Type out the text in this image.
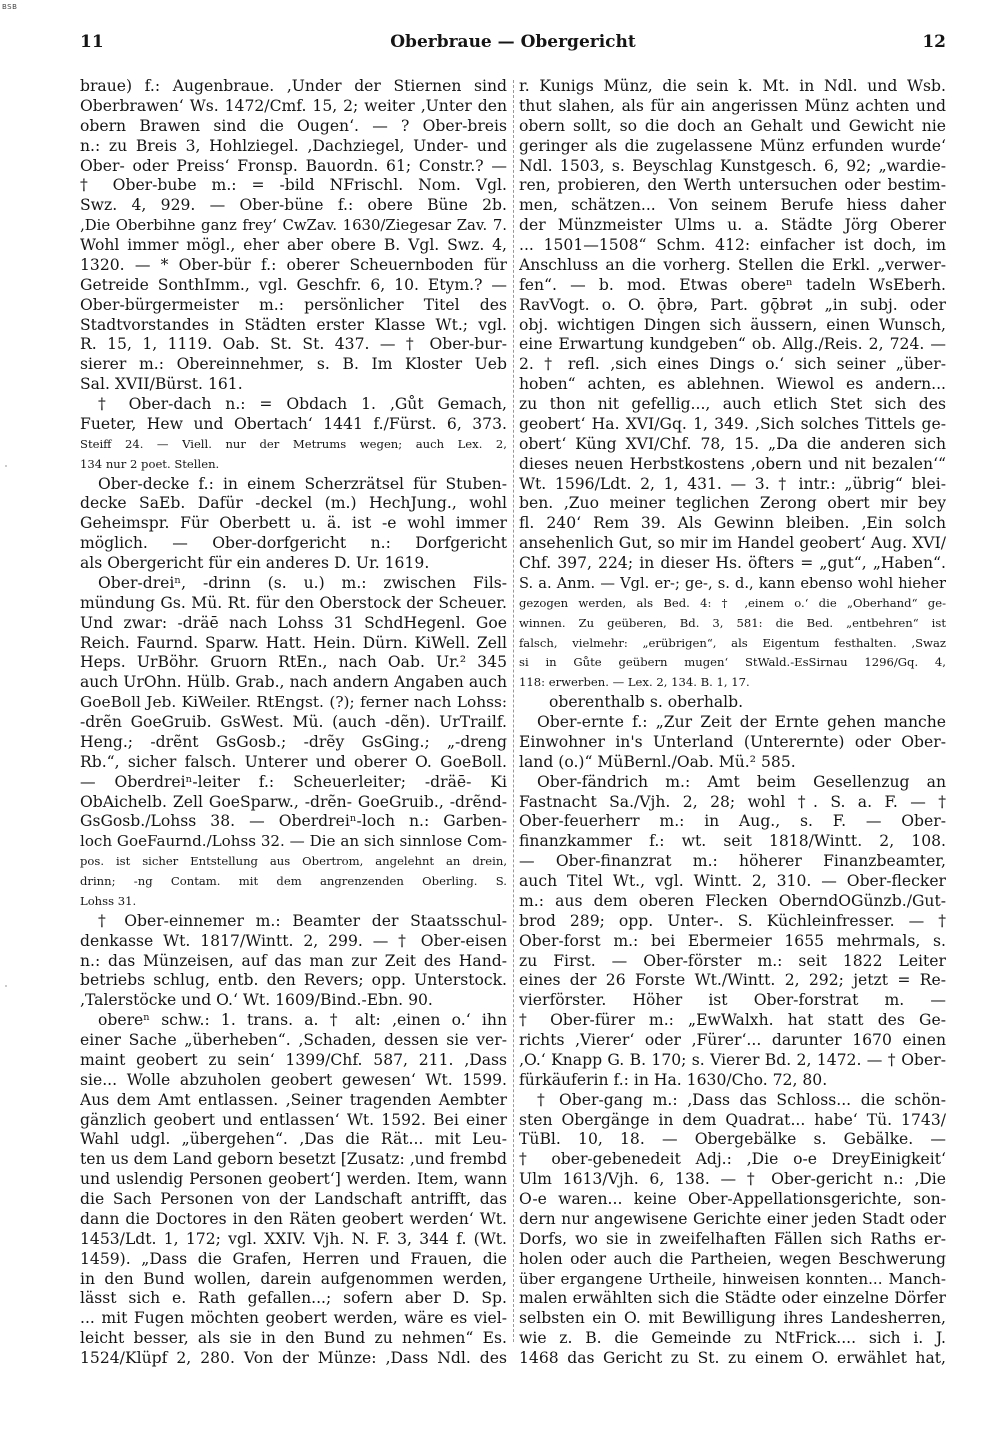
BSB
11	Oberbraue — Obergericht	12
braue) f.: Augenbraue. ‚Under der Stiernen sind
Oberbrawen‘ Ws. 1472/Cmf. 15, 2; weiter ‚Unter den
obern Brawen sind die Ougen‘. — ? Ober-breis
n.: zu Breis 3, Hohlziegel. ‚Dachziegel, Under- und
Ober- oder Preiss‘ Fronsp. Bauordn. 61; Constr.? —
† Ober-bube m.: = -bild NFrischl. Nom. Vgl.
Swz. 4, 929. — Ober-büne f.: obere Büne 2b.
‚Die Oberbihne ganz frey‘ CwZav. 1630/Ziegesar Zav. 7.
Wohl immer mögl., eher aber obere B. Vgl. Swz. 4,
1320. — * Ober-bür f.: oberer Scheuernboden für
Getreide SonthImm., vgl. Geschfr. 6, 10. Etym.? —
Ober-bürgermeister m.: persönlicher Titel des
Stadtvorstandes in Städten erster Klasse Wt.; vgl.
R. 15, 1, 1119. Oab. St. St. 437. — † Ober-bur-
sierer m.: Obereinnehmer, s. B. Im Kloster Ueb
Sal. XVII/Bürst. 161.
† Ober-dach n.: = Obdach 1. ‚Gůt Gemach,
Fueter, Hew und Obertach‘ 1441 f./Fürst. 6, 373.
Steiff 24. — Viell. nur der Metrums wegen; auch Lex. 2,
134 nur 2 poet. Stellen.
Ober-decke f.: in einem Scherzrätsel für Stuben-
decke SaEb. Dafür -deckel (m.) HechJung., wohl
Geheimspr. Für Oberbett u. ä. ist -e wohl immer
möglich. — Ober-dorfgericht n.: Dorfgericht
als Obergericht für ein anderes D. Ur. 1619.
Ober-dreiⁿ, -drinn (s. u.) m.: zwischen Fils-
mündung Gs. Mü. Rt. für den Oberstock der Scheuer.
Und zwar: -dräē nach Lohss 31 SchdHegenl. Goe
Reich. Faurnd. Sparw. Hatt. Hein. Dürn. KiWell. Zell
Heps. UrBöhr. Gruorn RtEn., nach Oab. Ur.² 345
auch UrOhn. Hülb. Grab., nach andern Angaben auch
GoeBoll Jeb. KiWeiler. RtEngst. (?); ferner nach Lohss:
-drẽn GoeGruib. GsWest. Mü. (auch -dẽn). UrTrailf.
Heng.; -drẽnt GsGosb.; -drẽy GsGing.; „-dreng
Rb.“, sicher falsch. Unterer und oberer O. GoeBoll.
— Oberdreiⁿ-leiter f.: Scheuerleiter; -dräē- Ki
ObAichelb. Zell GoeSparw., -drẽn- GoeGruib., -drẽnd-
GsGosb./Lohss 38. — Oberdreiⁿ-loch n.: Garben-
loch GoeFaurnd./Lohss 32. — Die an sich sinnlose Com-
pos. ist sicher Entstellung aus Obertrom, angelehnt an drein,
drinn; -ng Contam. mit dem angrenzenden Oberling. S.
Lohss 31.
† Ober-einnemer m.: Beamter der Staatsschul-
denkasse Wt. 1817/Wintt. 2, 299. — † Ober-eisen
n.: das Münzeisen, auf das man zur Zeit des Hand-
betriebs schlug, entb. den Revers; opp. Unterstock.
‚Talerstöcke und O.‘ Wt. 1609/Bind.-Ebn. 90.
obereⁿ schw.: 1. trans. a. † alt: ‚einen o.‘ ihn
einer Sache „überheben“. ‚Schaden, dessen sie ver-
maint geobert zu sein‘ 1399/Chf. 587, 211. ‚Dass
sie... Wolle abzuholen geobert gewesen‘ Wt. 1599.
Aus dem Amt entlassen. ‚Seiner tragenden Aembter
gänzlich geobert und entlassen‘ Wt. 1592. Bei einer
Wahl udgl. „übergehen“. ‚Das die Rät... mit Leu-
ten us dem Land geborn besetzt [Zusatz: ‚und frembd
und uslendig Personen geobert‘] werden. Item, wann
die Sach Personen von der Landschaft antrifft, das
dann die Doctores in den Räten geobert werden‘ Wt.
1453/Ldt. 1, 172; vgl. XXIV. Vjh. N. F. 3, 344 f. (Wt.
1459). „Dass die Grafen, Herren und Frauen, die
in den Bund wollen, darein aufgenommen werden,
lässt sich e. Rath gefallen...; sofern aber D. Sp.
... mit Fugen möchten geobert werden, wäre es viel-
leicht besser, als sie in den Bund zu nehmen“ Es.
1524/Klüpf 2, 280. Von der Münze: ‚Dass Ndl. des
r. Kunigs Münz, die sein k. Mt. in Ndl. und Wsb.
thut slahen, als für ain angerissen Münz achten und
obern sollt, so die doch an Gehalt und Gewicht nie
geringer als die zugelassene Münz erfunden wurde‘
Ndl. 1503, s. Beyschlag Kunstgesch. 6, 92; „wardie-
ren, probieren, den Werth untersuchen oder bestim-
men, schätzen... Von seinem Berufe hiess daher
der Münzmeister Ulms u. a. Städte Jörg Oberer
... 1501—1508“ Schm. 412: einfacher ist doch, im
Anschluss an die vorherg. Stellen die Erkl. „verwer-
fen“. — b. mod. Etwas obereⁿ tadeln WsEberh.
RavVogt. o. O. ǭbrə, Part. gǭbrət „in subj. oder
obj. wichtigen Dingen sich äussern, einen Wunsch,
eine Erwartung kundgeben“ ob. Allg./Reis. 2, 724. —
2. † refl. ‚sich eines Dings o.‘ sich seiner „über-
hoben“ achten, es ablehnen. Wiewol es andern...
zu thon nit gefellig..., auch etlich Stet sich des
geobert‘ Ha. XVI/Gq. 1, 349. ‚Sich solches Tittels ge-
obert‘ Küng XVI/Chf. 78, 15. „Da die anderen sich
dieses neuen Herbstkostens ‚obern und nit bezalen‘“
Wt. 1596/Ldt. 2, 1, 431. — 3. † intr.: „übrig“ blei-
ben. ‚Zuo meiner teglichen Zerong obert mir bey
fl. 240‘ Rem 39. Als Gewinn bleiben. ‚Ein solch
ansehenlich Gut, so mir im Handel geobert‘ Aug. XVI/
Chf. 397, 224; in dieser Hs. öfters = „gut“, „Haben“.
S. a. Anm. — Vgl. er-; ge-, s. d., kann ebenso wohl hieher
gezogen werden, als Bed. 4: † ‚einem o.‘ die „Oberhand“ ge-
winnen. Zu geüberen, Bd. 3, 581: die Bed. „entbehren“ ist
falsch, vielmehr: „erübrigen“, als Eigentum festhalten. ‚Swaz
si in Gůte geübern mugen‘ StWald.-EsSirnau 1296/Gq. 4,
118: erwerben. — Lex. 2, 134. B. 1, 17.
oberenthalb s. oberhalb.
Ober-ernte f.: „Zur Zeit der Ernte gehen manche
Einwohner in's Unterland (Unterernte) oder Ober-
land (o.)“ MüBernl./Oab. Mü.² 585.
Ober-fändrich m.: Amt beim Gesellenzug an
Fastnacht Sa./Vjh. 2, 28; wohl †. S. a. F. — †
Ober-feuerherr m.: in Aug., s. F. — Ober-
finanzkammer f.: wt. seit 1818/Wintt. 2, 108.
— Ober-finanzrat m.: höherer Finanzbeamter,
auch Titel Wt., vgl. Wintt. 2, 310. — Ober-flecker
m.: aus dem oberen Flecken OberndOGünzb./Gut-
brod 289; opp. Unter-. S. Küchleinfresser. — †
Ober-forst m.: bei Ebermeier 1655 mehrmals, s.
zu First. — Ober-förster m.: seit 1822 Leiter
eines der 26 Forste Wt./Wintt. 2, 292; jetzt = Re-
vierförster. Höher ist Ober-forstrat m. —
† Ober-fürer m.: „EwWalxh. hat statt des Ge-
richts ‚Vierer‘ oder ‚Fürer‘... darunter 1670 einen
‚O.‘ Knapp G. B. 170; s. Vierer Bd. 2, 1472. — † Ober-
fürkäuferin f.: in Ha. 1630/Cho. 72, 80.
† Ober-gang m.: ‚Dass das Schloss... die schön-
sten Obergänge in dem Quadrat... habe‘ Tü. 1743/
TüBl. 10, 18. — Obergebälke s. Gebälke. —
† ober-gebenedeit Adj.: ‚Die o-e DreyEinigkeit‘
Ulm 1613/Vjh. 6, 138. — † Ober-gericht n.: ‚Die
O-e waren... keine Ober-Appellationsgerichte, son-
dern nur angewisene Gerichte einer jeden Stadt oder
Dorfs, wo sie in zweifelhaften Fällen sich Raths er-
holen oder auch die Partheien, wegen Beschwerung
über ergangene Urtheile, hinweisen konnten... Manch-
malen erwählten sich die Städte oder einzelne Dörfer
selbsten ein O. mit Bewilligung ihres Landesherren,
wie z. B. die Gemeinde zu NtFrick.... sich i. J.
1468 das Gericht zu St. zu einem O. erwählet hat,
